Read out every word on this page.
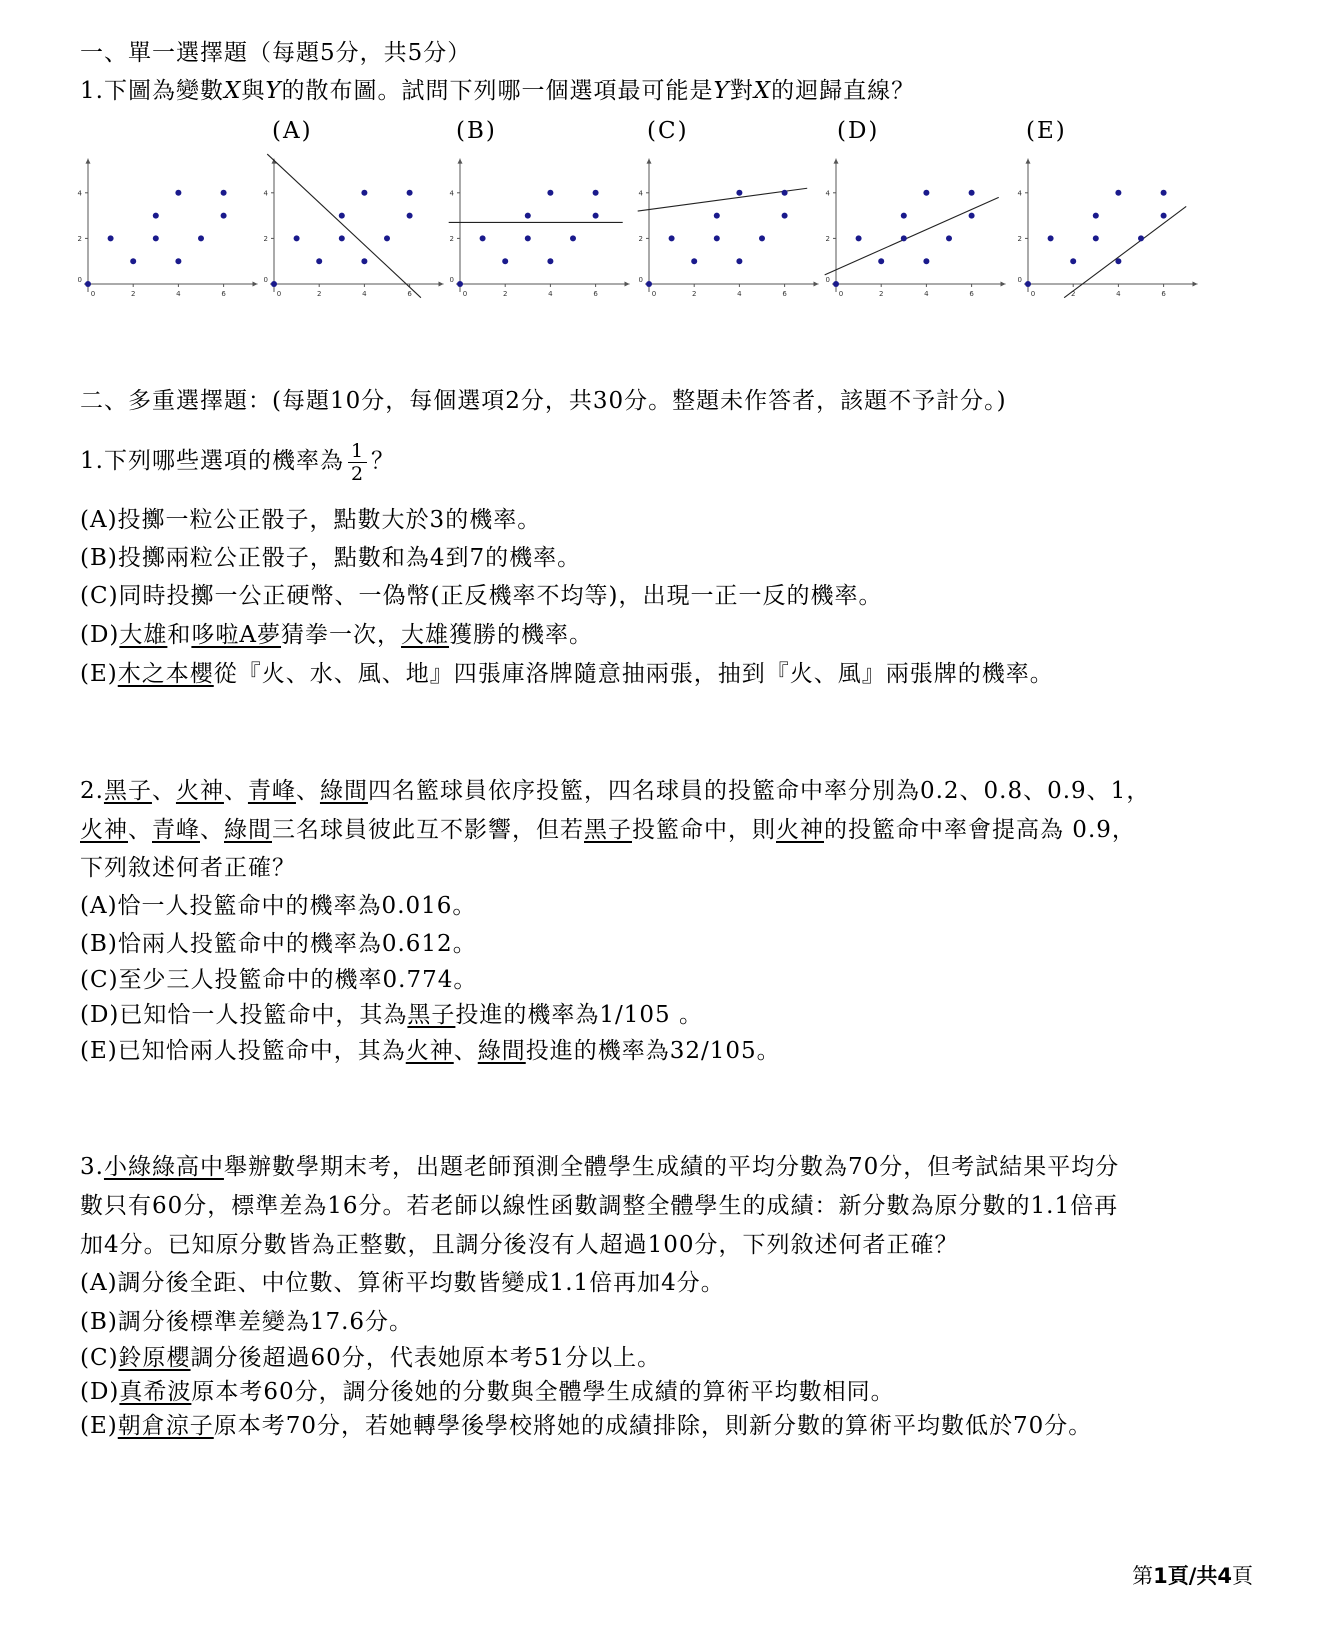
一、單一選擇題（每題5分，共5分）
1.下圖為變數X與Y的散布圖。試問下列哪一個選項最可能是Y對X的迴歸直線？
(A)	(B)	(C)	(D)	(E)
0	2	4	6
0
2
4
0	2	4	6
0
2
4
0	2	4	6
0
2
4
0	2	4	6
0
2
4
0	2	4	6
0
2
4
0	2	4	6
0
2
4
二、多重選擇題：(每題10分，每個選項2分，共30分。整題未作答者，該題不予計分。)
1.下列哪些選項的機率為 $\frac{1}{2}$ ？
(A)投擲一粒公正骰子，點數大於3的機率。
(B)投擲兩粒公正骰子，點數和為4到7的機率。
(C)同時投擲一公正硬幣、一偽幣(正反機率不均等)，出現一正一反的機率。
(D)大雄和哆啦A夢猜拳一次，大雄獲勝的機率。
(E)木之本櫻從『火、水、風、地』四張庫洛牌隨意抽兩張，抽到『火、風』兩張牌的機率。
2.黑子、火神、青峰、綠間四名籃球員依序投籃，四名球員的投籃命中率分別為0.2、0.8、0.9、1，
火神、青峰、綠間三名球員彼此互不影響，但若黑子投籃命中，則火神的投籃命中率會提高為 0.9，
下列敘述何者正確？
(A)恰一人投籃命中的機率為0.016。
(B)恰兩人投籃命中的機率為0.612。
(C)至少三人投籃命中的機率0.774。
(D)已知恰一人投籃命中，其為黑子投進的機率為1/105 。
(E)已知恰兩人投籃命中，其為火神、綠間投進的機率為32/105。
3.小綠綠高中舉辦數學期末考，出題老師預測全體學生成績的平均分數為70分，但考試結果平均分
數只有60分，標準差為16分。若老師以線性函數調整全體學生的成績：新分數為原分數的1.1倍再
加4分。已知原分數皆為正整數，且調分後沒有人超過100分，下列敘述何者正確？
(A)調分後全距、中位數、算術平均數皆變成1.1倍再加4分。
(B)調分後標準差變為17.6分。
(C)鈴原櫻調分後超過60分，代表她原本考51分以上。
(D)真希波原本考60分，調分後她的分數與全體學生成績的算術平均數相同。
(E)朝倉涼子原本考70分，若她轉學後學校將她的成績排除，則新分數的算術平均數低於70分。
第1頁/共4頁
